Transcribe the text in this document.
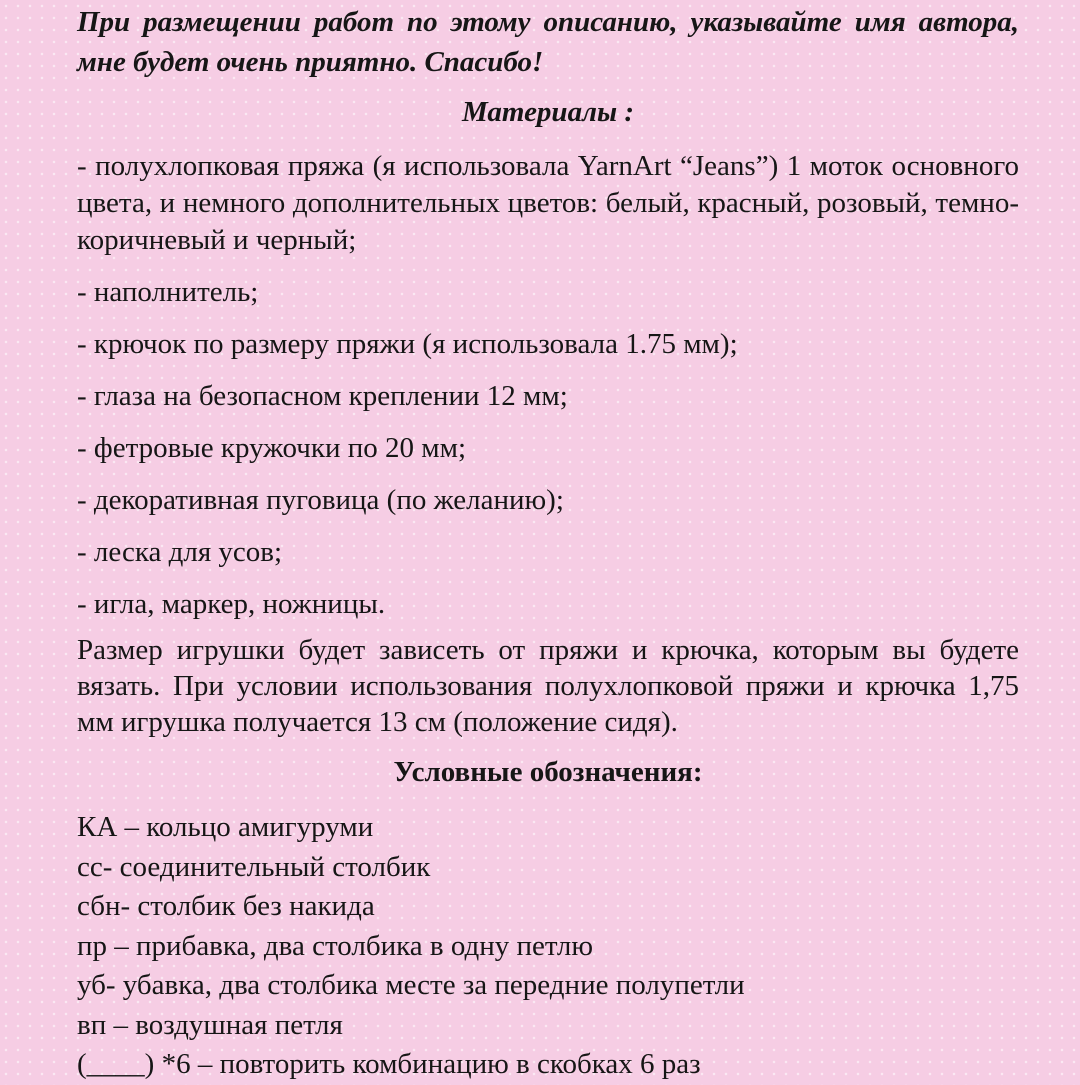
При размещении работ по этому описанию, указывайте имя автора, мне будет очень приятно. Спасибо!

Материалы :
- полухлопковая пряжа (я использовала YarnArt “Jeans”) 1 моток основного цвета, и немного дополнительных цветов: белый, красный, розовый, темно-коричневый и черный;
- наполнитель;
- крючок по размеру пряжи (я использовала 1.75 мм);
- глаза на безопасном креплении 12 мм;
- фетровые кружочки по 20 мм;
- декоративная пуговица (по желанию);
- леска для усов;
- игла, маркер, ножницы.

Размер игрушки будет зависеть от пряжи и крючка, которым вы будете вязать. При условии использования полухлопковой пряжи и крючка 1,75 мм игрушка получается 13 см (положение сидя).

Условные обозначения:
КА – кольцо амигуруми
сс- соединительный столбик
сбн- столбик без накида
пр – прибавка, два столбика в одну петлю
уб- убавка, два столбика месте за передние полупетли
вп – воздушная петля
(____) *6 – повторить комбинацию в скобках 6 раз
